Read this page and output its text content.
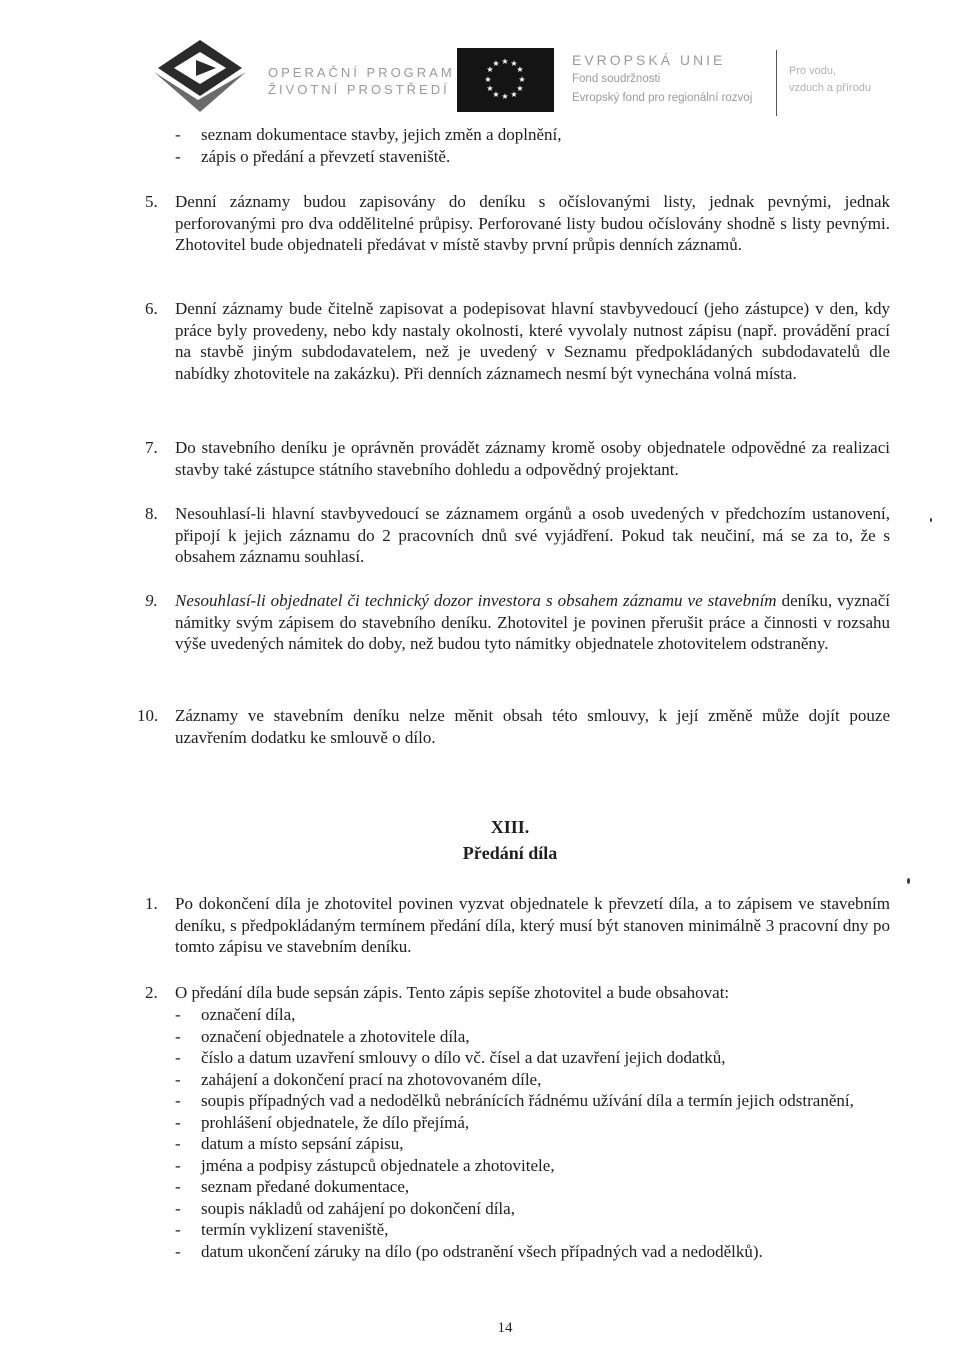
OPERAČNÍ PROGRAM
ŽIVOTNÍ PROSTŘEDÍ
★ ★
★
★
★
★
★
★
★
★
★
★	EVROPSKÁ UNIE
Fond soudržnosti
Evropský fond pro regionální rozvoj
Pro vodu,
vzduch a přírodu
- seznam dokumentace stavby, jejich změn a doplnění,
- zápis o předání a převzetí staveniště.
5. Denní záznamy budou zapisovány do deníku s očíslovanými listy, jednak pevnými, jednak perforovanými pro dva oddělitelné průpisy. Perforované listy budou očíslovány shodně s listy pevnými. Zhotovitel bude objednateli předávat v místě stavby první průpis denních záznamů.
6. Denní záznamy bude čitelně zapisovat a podepisovat hlavní stavbyvedoucí (jeho zástupce) v den, kdy práce byly provedeny, nebo kdy nastaly okolnosti, které vyvolaly nutnost zápisu (např. provádění prací na stavbě jiným subdodavatelem, než je uvedený v Seznamu předpokládaných subdodavatelů dle nabídky zhotovitele na zakázku). Při denních záznamech nesmí být vynechána volná místa.
7. Do stavebního deníku je oprávněn provádět záznamy kromě osoby objednatele odpovědné za realizaci stavby také zástupce státního stavebního dohledu a odpovědný projektant.
8. Nesouhlasí-li hlavní stavbyvedoucí se záznamem orgánů a osob uvedených v předchozím ustanovení, připojí k jejich záznamu do 2 pracovních dnů své vyjádření. Pokud tak neučiní, má se za to, že s obsahem záznamu souhlasí.
9. Nesouhlasí-li objednatel či technický dozor investora s obsahem záznamu ve stavebním deníku, vyznačí námitky svým zápisem do stavebního deníku. Zhotovitel je povinen přerušit práce a činnosti v rozsahu výše uvedených námitek do doby, než budou tyto námitky objednatele zhotovitelem odstraněny.
10. Záznamy ve stavebním deníku nelze měnit obsah této smlouvy, k její změně může dojít pouze uzavřením dodatku ke smlouvě o dílo.
XIII.
Předání díla
1. Po dokončení díla je zhotovitel povinen vyzvat objednatele k převzetí díla, a to zápisem ve stavebním deníku, s předpokládaným termínem předání díla, který musí být stanoven minimálně 3 pracovní dny po tomto zápisu ve stavebním deníku.
2. O předání díla bude sepsán zápis. Tento zápis sepíše zhotovitel a bude obsahovat:
- označení díla,
- označení objednatele a zhotovitele díla,
- číslo a datum uzavření smlouvy o dílo vč. čísel a dat uzavření jejich dodatků,
- zahájení a dokončení prací na zhotovovaném díle,
- soupis případných vad a nedodělků nebránících řádnému užívání díla a termín jejich odstranění,
- prohlášení objednatele, že dílo přejímá,
- datum a místo sepsání zápisu,
- jména a podpisy zástupců objednatele a zhotovitele,
- seznam předané dokumentace,
- soupis nákladů od zahájení po dokončení díla,
- termín vyklizení staveniště,
- datum ukončení záruky na dílo (po odstranění všech případných vad a nedodělků).
14
